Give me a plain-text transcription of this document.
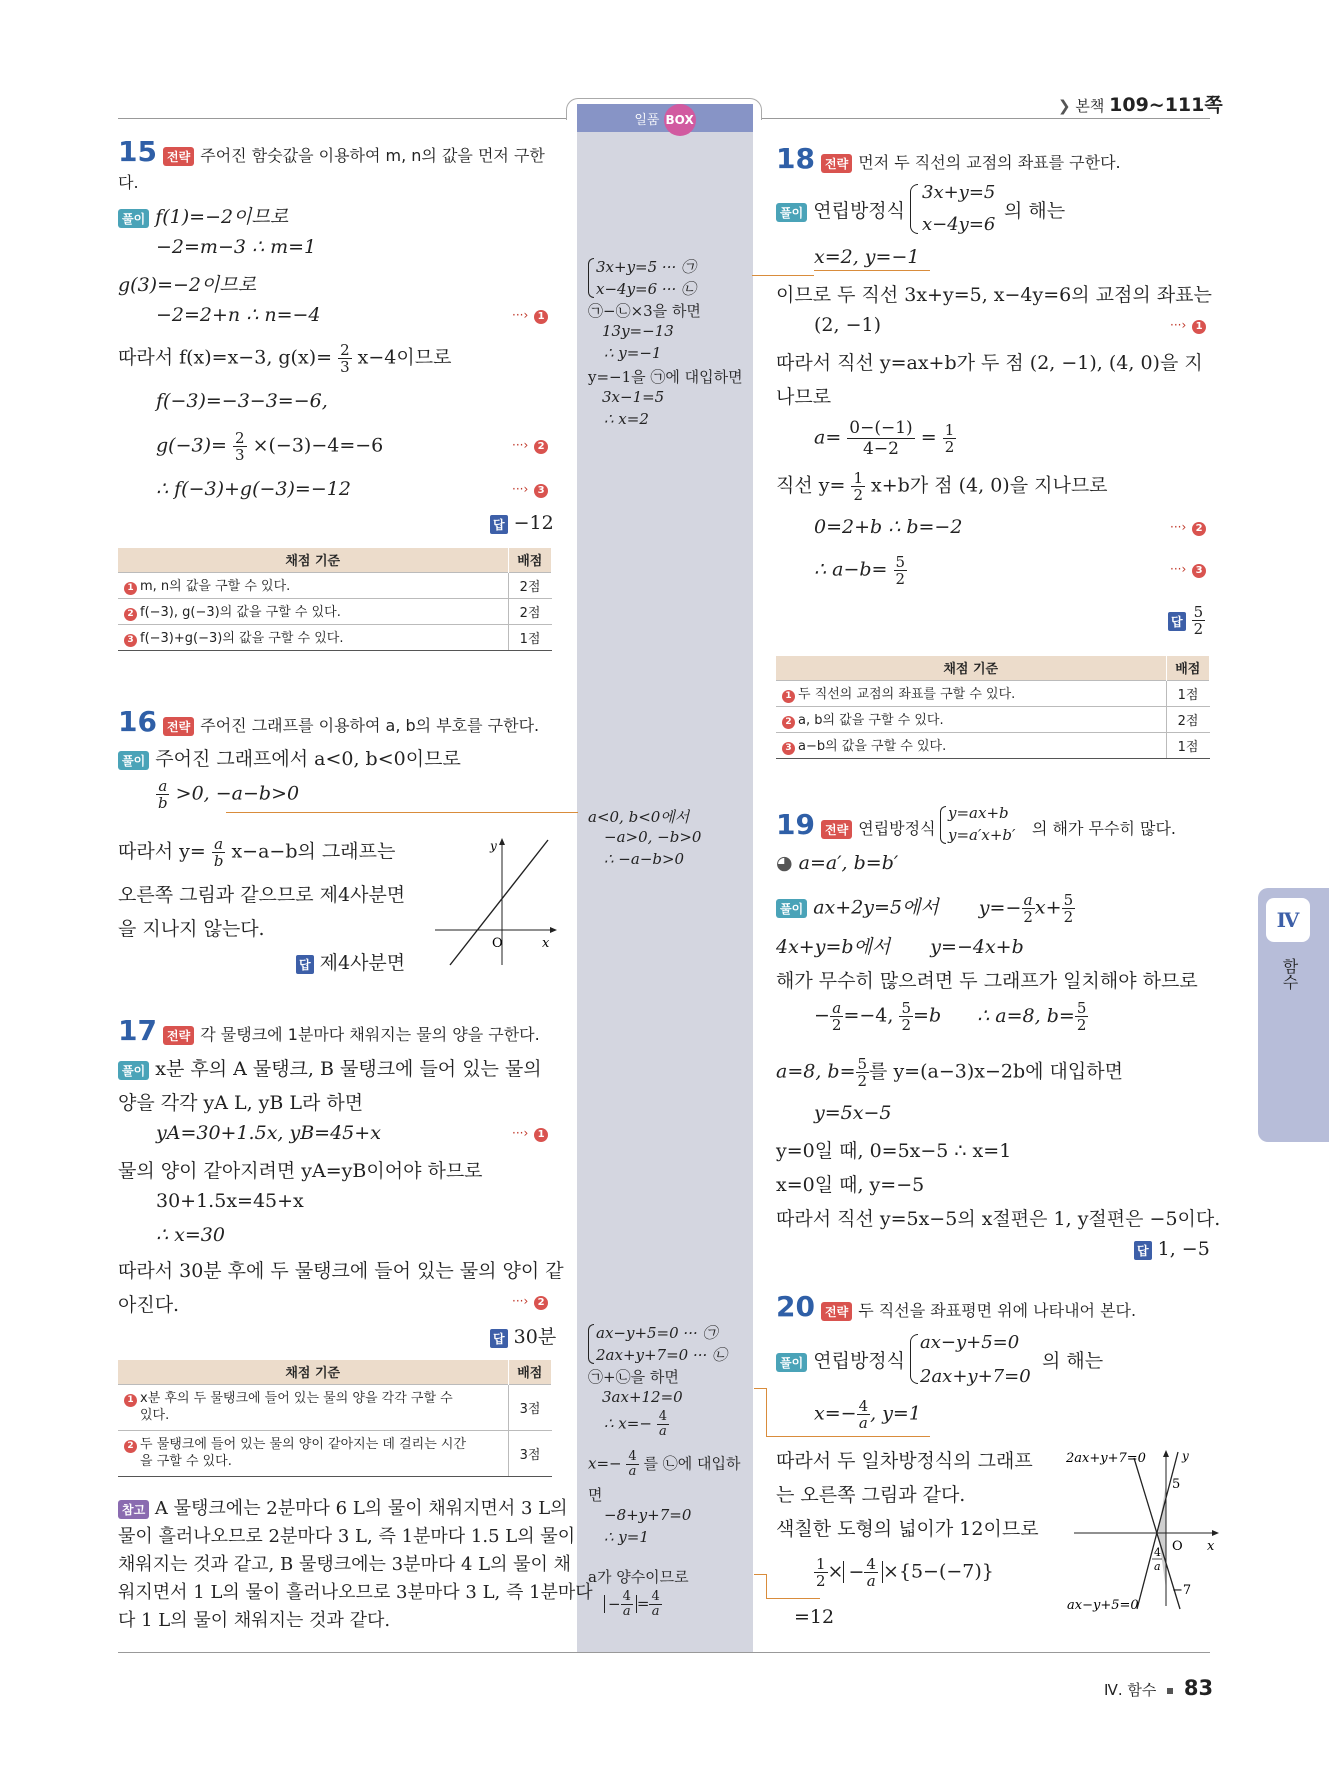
❯ 본책 109~111쪽
일품 BOX
Ⅳ
함수
15 전략 주어진 함숫값을 이용하여 m, n의 값을 먼저 구한
다.
풀이 f(1)=−2이므로
−2=m−3 ∴ m=1
g(3)=−2이므로
−2=2+n ∴ n=−4	···› 1
따라서 f(x)=x−3, $g(x)= \frac{2}{3} x-4$이므로
f(−3)=−3−3=−6,
$g(-3)= \frac{2}{3} \times(-3)-4=-6$	···› 2
∴ f(−3)+g(−3)=−12	···› 3
답 −12
채점 기준	배점
1 m, n의 값을 구할 수 있다.	2점
2 f(−3), g(−3)의 값을 구할 수 있다.	2점
3 f(−3)+g(−3)의 값을 구할 수 있다.	1점
16 전략 주어진 그래프를 이용하여 a, b의 부호를 구한다.
풀이 주어진 그래프에서 a<0, b<0이므로
$\frac{a}{b} >0$, −a−b>0
따라서 $y= \frac{a}{b} x-a-b$의 그래프는
오른쪽 그림과 같으므로 제4사분면
을 지나지 않는다.
답 제4사분면
y
x
O
17 전략 각 물탱크에 1분마다 채워지는 물의 양을 구한다.
풀이 x분 후의 A 물탱크, B 물탱크에 들어 있는 물의
양을 각각 yA L, yB L라 하면
yA=30+1.5x, yB=45+x	···› 1
물의 양이 같아지려면 yA=yB이어야 하므로
30+1.5x=45+x
∴ x=30
따라서 30분 후에 두 물탱크에 들어 있는 물의 양이 같
아진다.	···› 2
답 30분
채점 기준	배점
1 x분 후의 두 물탱크에 들어 있는 물의 양을 각각 구할 수
있다.	3점
2 두 물탱크에 들어 있는 물의 양이 같아지는 데 걸리는 시간
을 구할 수 있다.	3점
참고 A 물탱크에는 2분마다 6 L의 물이 채워지면서 3 L의
물이 흘러나오므로 2분마다 3 L, 즉 1분마다 1.5 L의 물이
채워지는 것과 같고, B 물탱크에는 3분마다 4 L의 물이 채
워지면서 1 L의 물이 흘러나오므로 3분마다 3 L, 즉 1분마다
다 1 L의 물이 채워지는 것과 같다.
3x+y=5 ··· ㉠
x−4y=6 ··· ㉡
㉠−㉡×3을 하면
13y=−13
∴ y=−1
y=−1을 ㉠에 대입하면
3x−1=5
∴ x=2
a<0, b<0에서
−a>0, −b>0
∴ −a−b>0
ax−y+5=0 ··· ㉠
2ax+y+7=0 ··· ㉡
㉠+㉡을 하면
3ax+12=0
∴ $x=- \frac{4}{a}$
$x=- \frac{4}{a}$ 를 ㉡에 대입하
면
−8+y+7=0
∴ y=1
a가 양수이므로
− $\frac{4}{a} = \frac{4}{a}$
18 전략 먼저 두 직선의 교점의 좌표를 구한다.
풀이 연립방정식
3x+y=5
x−4y=6
의 해는
x=2, y=−1
이므로 두 직선 3x+y=5, x−4y=6의 교점의 좌표는
(2, −1)	···› 1
따라서 직선 y=ax+b가 두 점 (2, −1), (4, 0)을 지
나므로
$a= \frac{0-(-1)}{4-2} = \frac{1}{2}$
직선 $y= \frac{1}{2} x+b$가 점 (4, 0)을 지나므로
0=2+b ∴ b=−2	···› 2
∴ $a-b= \frac{5}{2}$	···› 3
답 $\frac{5}{2}$
채점 기준	배점
1 두 직선의 교점의 좌표를 구할 수 있다.	1점
2 a, b의 값을 구할 수 있다.	2점
3 a−b의 값을 구할 수 있다.	1점
19 전략 연립방정식
y=ax+b
y=a′x+b′ 의 해가 무수히 많다.
◕ a=a′, b=b′
풀이 ax+2y=5에서 $y=- \frac{a}{2} x+ \frac{5}{2}$
4x+y=b에서 y=−4x+b
해가 무수히 많으려면 두 그래프가 일치해야 하므로
− $\frac{a}{2} =-4$, $\frac{5}{2} =b$ ∴ a=8, $b= \frac{5}{2}$
a=8, $b= \frac{5}{2}$ 를 y=(a−3)x−2b에 대입하면
y=5x−5
y=0일 때, 0=5x−5 ∴ x=1
x=0일 때, y=−5
따라서 직선 y=5x−5의 x절편은 1, y절편은 −5이다.
답 1, −5
20 전략 두 직선을 좌표평면 위에 나타내어 본다.
풀이 연립방정식
ax−y+5=0
2ax+y+7=0
의 해는
$x=- \frac{4}{a}$ , y=1
따라서 두 일차방정식의 그래프
는 오른쪽 그림과 같다.
색칠한 도형의 넓이가 12이므로
$\frac{1}{2}$ × − $\frac{4}{a} \times\{5-(-7)\}$
=12
2ax+y+7=0
ax−y+5=0
y
x
O
5
−7
4
a
Ⅳ. 함수 83
